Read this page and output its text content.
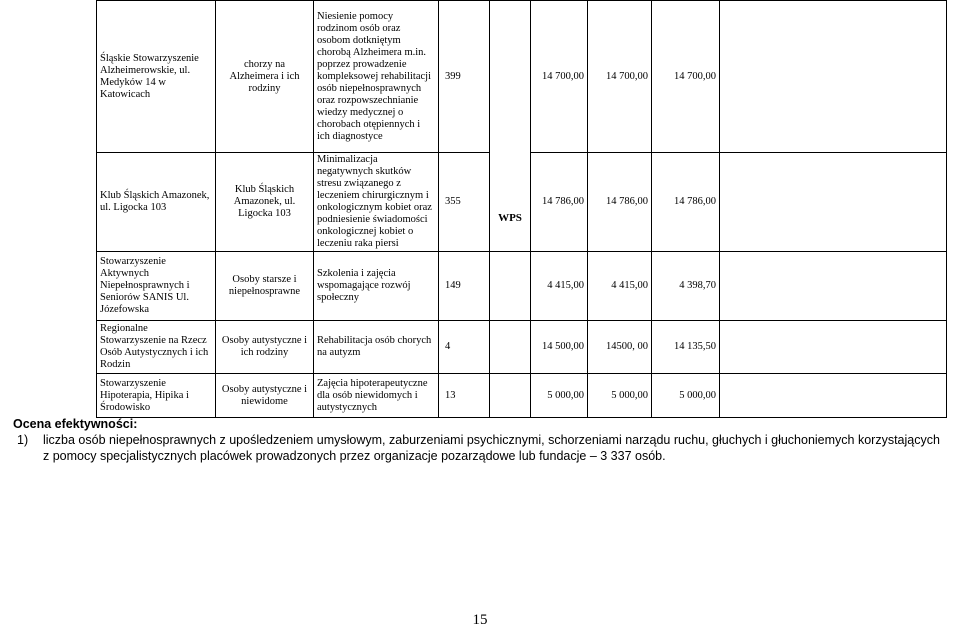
Śląskie Stowarzyszenie Alzheimerowskie, ul. Medyków 14 w Katowicach	chorzy na Alzheimera i ich rodziny	Niesienie pomocy rodzinom osób oraz osobom dotkniętym chorobą Alzheimera m.in. poprzez prowadzenie kompleksowej rehabilitacji osób niepełnosprawnych oraz rozpowszechnianie wiedzy medycznej o chorobach otępiennych i ich diagnostyce	399	WPS	14 700,00	14 700,00	14 700,00	
Klub Śląskich Amazonek, ul. Ligocka 103	Klub Śląskich Amazonek, ul. Ligocka 103	Minimalizacja negatywnych skutków stresu związanego z leczeniem chirurgicznym i onkologicznym kobiet oraz podniesienie świadomości onkologicznej kobiet o leczeniu raka piersi	355		14 786,00	14 786,00	14 786,00	
Stowarzyszenie Aktywnych Niepełnosprawnych i Seniorów SANIS Ul. Józefowska	Osoby starsze i niepełnosprawne	Szkolenia i zajęcia wspomagające rozwój społeczny	149		4 415,00	4 415,00	4 398,70	
Regionalne Stowarzyszenie na Rzecz Osób Autystycznych i ich Rodzin	Osoby autystyczne i ich rodziny	Rehabilitacja osób chorych na autyzm	4		14 500,00	14500, 00	14 135,50	
Stowarzyszenie Hipoterapia, Hipika i Środowisko	Osoby autystyczne i niewidome	Zajęcia hipoterapeutyczne dla osób niewidomych i autystycznych	13		5 000,00	5 000,00	5 000,00	
Ocena efektywności:
1)	liczba osób niepełnosprawnych z upośledzeniem umysłowym, zaburzeniami psychicznymi, schorzeniami narządu ruchu, głuchych i głuchoniemych korzystających z pomocy specjalistycznych placówek prowadzonych przez organizacje pozarządowe lub fundacje – 3 337 osób.
15
